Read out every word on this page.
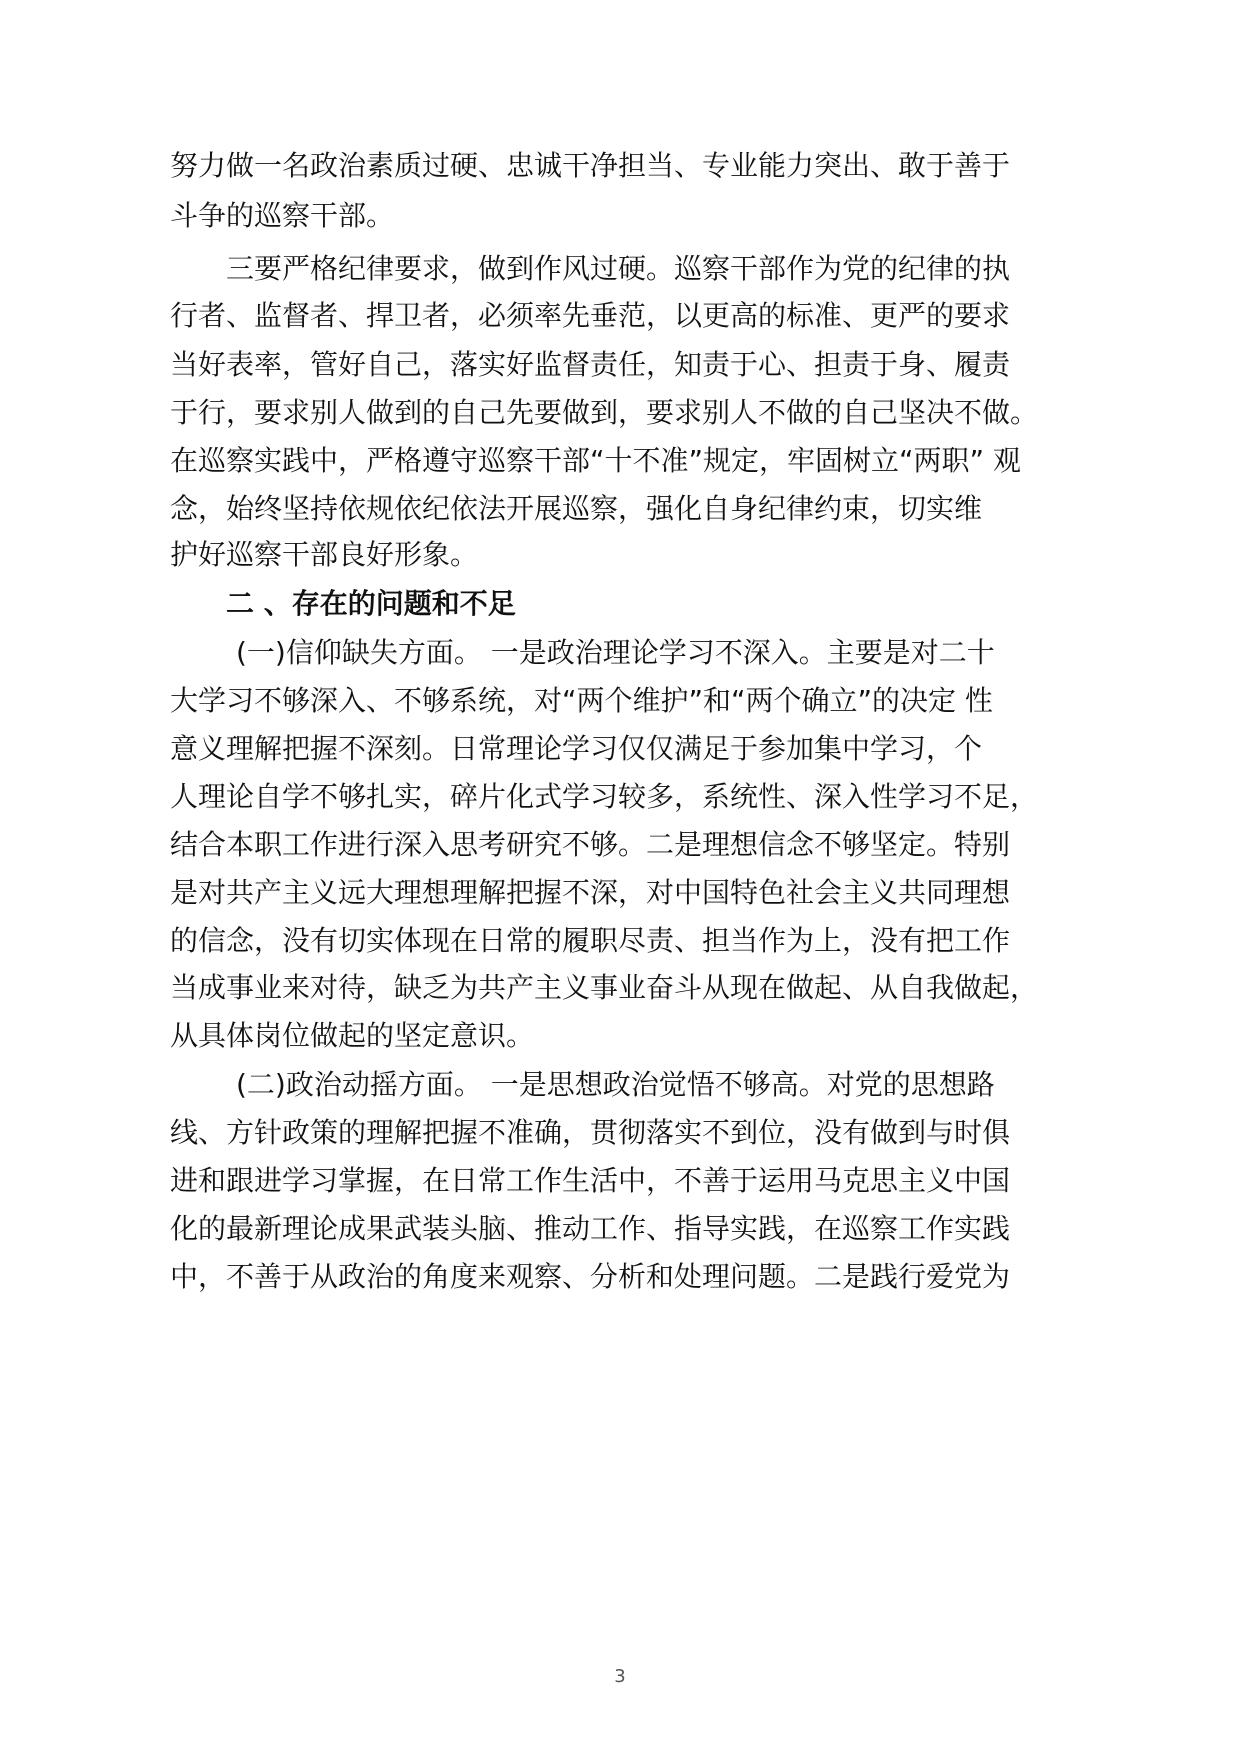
努力做一名政治素质过硬、忠诚干净担当、专业能力突出、敢于善于
斗争的巡察干部。
三要严格纪律要求，做到作风过硬。巡察干部作为党的纪律的执
行者、监督者、捍卫者，必须率先垂范，以更高的标准、更严的要求
当好表率，管好自己，落实好监督责任，知责于心、担责于身、履责
于行，要求别人做到的自己先要做到，要求别人不做的自己坚决不做。
在巡察实践中，严格遵守巡察干部“十不准”规定，牢固树立“两职” 观
念，始终坚持依规依纪依法开展巡察，强化自身纪律约束，切实维
护好巡察干部良好形象。
二 、存在的问题和不足
(一)信仰缺失方面。 一是政治理论学习不深入。主要是对二十
大学习不够深入、不够系统，对“两个维护”和“两个确立”的决定 性
意义理解把握不深刻。日常理论学习仅仅满足于参加集中学习，个
人理论自学不够扎实，碎片化式学习较多，系统性、深入性学习不足，
结合本职工作进行深入思考研究不够。二是理想信念不够坚定。特别
是对共产主义远大理想理解把握不深，对中国特色社会主义共同理想
的信念，没有切实体现在日常的履职尽责、担当作为上，没有把工作
当成事业来对待，缺乏为共产主义事业奋斗从现在做起、从自我做起，
从具体岗位做起的坚定意识。
(二)政治动摇方面。 一是思想政治觉悟不够高。对党的思想路
线、方针政策的理解把握不准确，贯彻落实不到位，没有做到与时俱
进和跟进学习掌握，在日常工作生活中，不善于运用马克思主义中国
化的最新理论成果武装头脑、推动工作、指导实践，在巡察工作实践
中，不善于从政治的角度来观察、分析和处理问题。二是践行爱党为
3
